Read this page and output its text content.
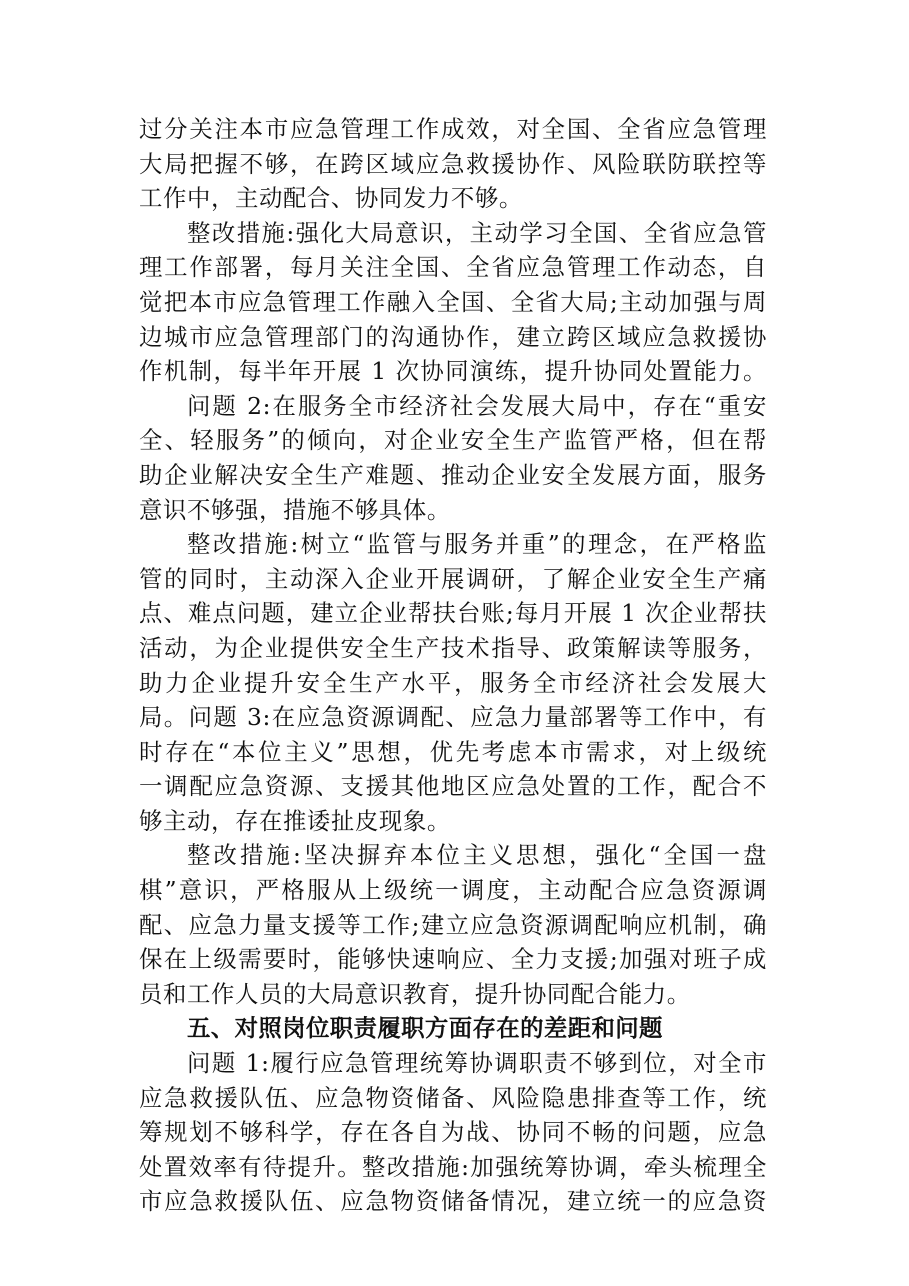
过分关注本市应急管理工作成效，对全国、全省应急管理
大局把握不够，在跨区域应急救援协作、风险联防联控等
工作中，主动配合、协同发力不够。
整改措施:强化大局意识，主动学习全国、全省应急管
理工作部署，每月关注全国、全省应急管理工作动态，自
觉把本市应急管理工作融入全国、全省大局;主动加强与周
边城市应急管理部门的沟通协作，建立跨区域应急救援协
作机制，每半年开展 1 次协同演练，提升协同处置能力。
问题 2:在服务全市经济社会发展大局中，存在“重安
全、轻服务”的倾向，对企业安全生产监管严格，但在帮
助企业解决安全生产难题、推动企业安全发展方面，服务
意识不够强，措施不够具体。
整改措施:树立“监管与服务并重”的理念，在严格监
管的同时，主动深入企业开展调研，了解企业安全生产痛
点、难点问题，建立企业帮扶台账;每月开展 1 次企业帮扶
活动，为企业提供安全生产技术指导、政策解读等服务，
助力企业提升安全生产水平，服务全市经济社会发展大
局。问题 3:在应急资源调配、应急力量部署等工作中，有
时存在“本位主义”思想，优先考虑本市需求，对上级统
一调配应急资源、支援其他地区应急处置的工作，配合不
够主动，存在推诿扯皮现象。
整改措施:坚决摒弃本位主义思想，强化“全国一盘
棋”意识，严格服从上级统一调度，主动配合应急资源调
配、应急力量支援等工作;建立应急资源调配响应机制，确
保在上级需要时，能够快速响应、全力支援;加强对班子成
员和工作人员的大局意识教育，提升协同配合能力。
五、对照岗位职责履职方面存在的差距和问题
问题 1:履行应急管理统筹协调职责不够到位，对全市
应急救援队伍、应急物资储备、风险隐患排查等工作，统
筹规划不够科学，存在各自为战、协同不畅的问题，应急
处置效率有待提升。整改措施:加强统筹协调，牵头梳理全
市应急救援队伍、应急物资储备情况，建立统一的应急资
